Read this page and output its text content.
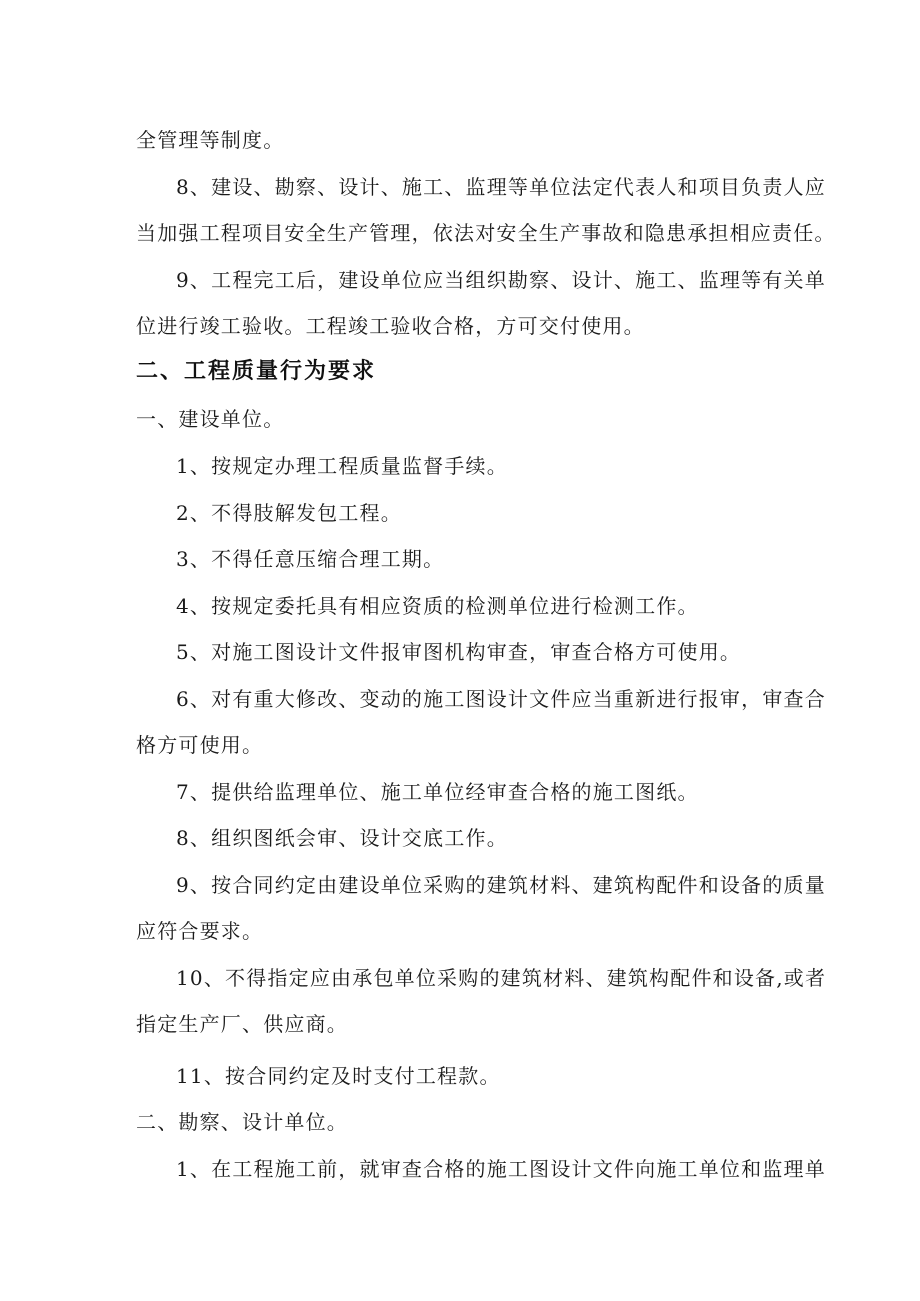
全管理等制度。
8、建设、勘察、设计、施工、监理等单位法定代表人和项目负责人应
当加强工程项目安全生产管理，依法对安全生产事故和隐患承担相应责任。
9、工程完工后，建设单位应当组织勘察、设计、施工、监理等有关单
位进行竣工验收。工程竣工验收合格，方可交付使用。
二、工程质量行为要求
一、建设单位。
1、按规定办理工程质量监督手续。
2、不得肢解发包工程。
3、不得任意压缩合理工期。
4、按规定委托具有相应资质的检测单位进行检测工作。
5、对施工图设计文件报审图机构审查，审查合格方可使用。
6、对有重大修改、变动的施工图设计文件应当重新进行报审，审查合
格方可使用。
7、提供给监理单位、施工单位经审查合格的施工图纸。
8、组织图纸会审、设计交底工作。
9、按合同约定由建设单位采购的建筑材料、建筑构配件和设备的质量
应符合要求。
10、不得指定应由承包单位采购的建筑材料、建筑构配件和设备,或者
指定生产厂、供应商。
11、按合同约定及时支付工程款。
二、勘察、设计单位。
1、在工程施工前，就审查合格的施工图设计文件向施工单位和监理单
